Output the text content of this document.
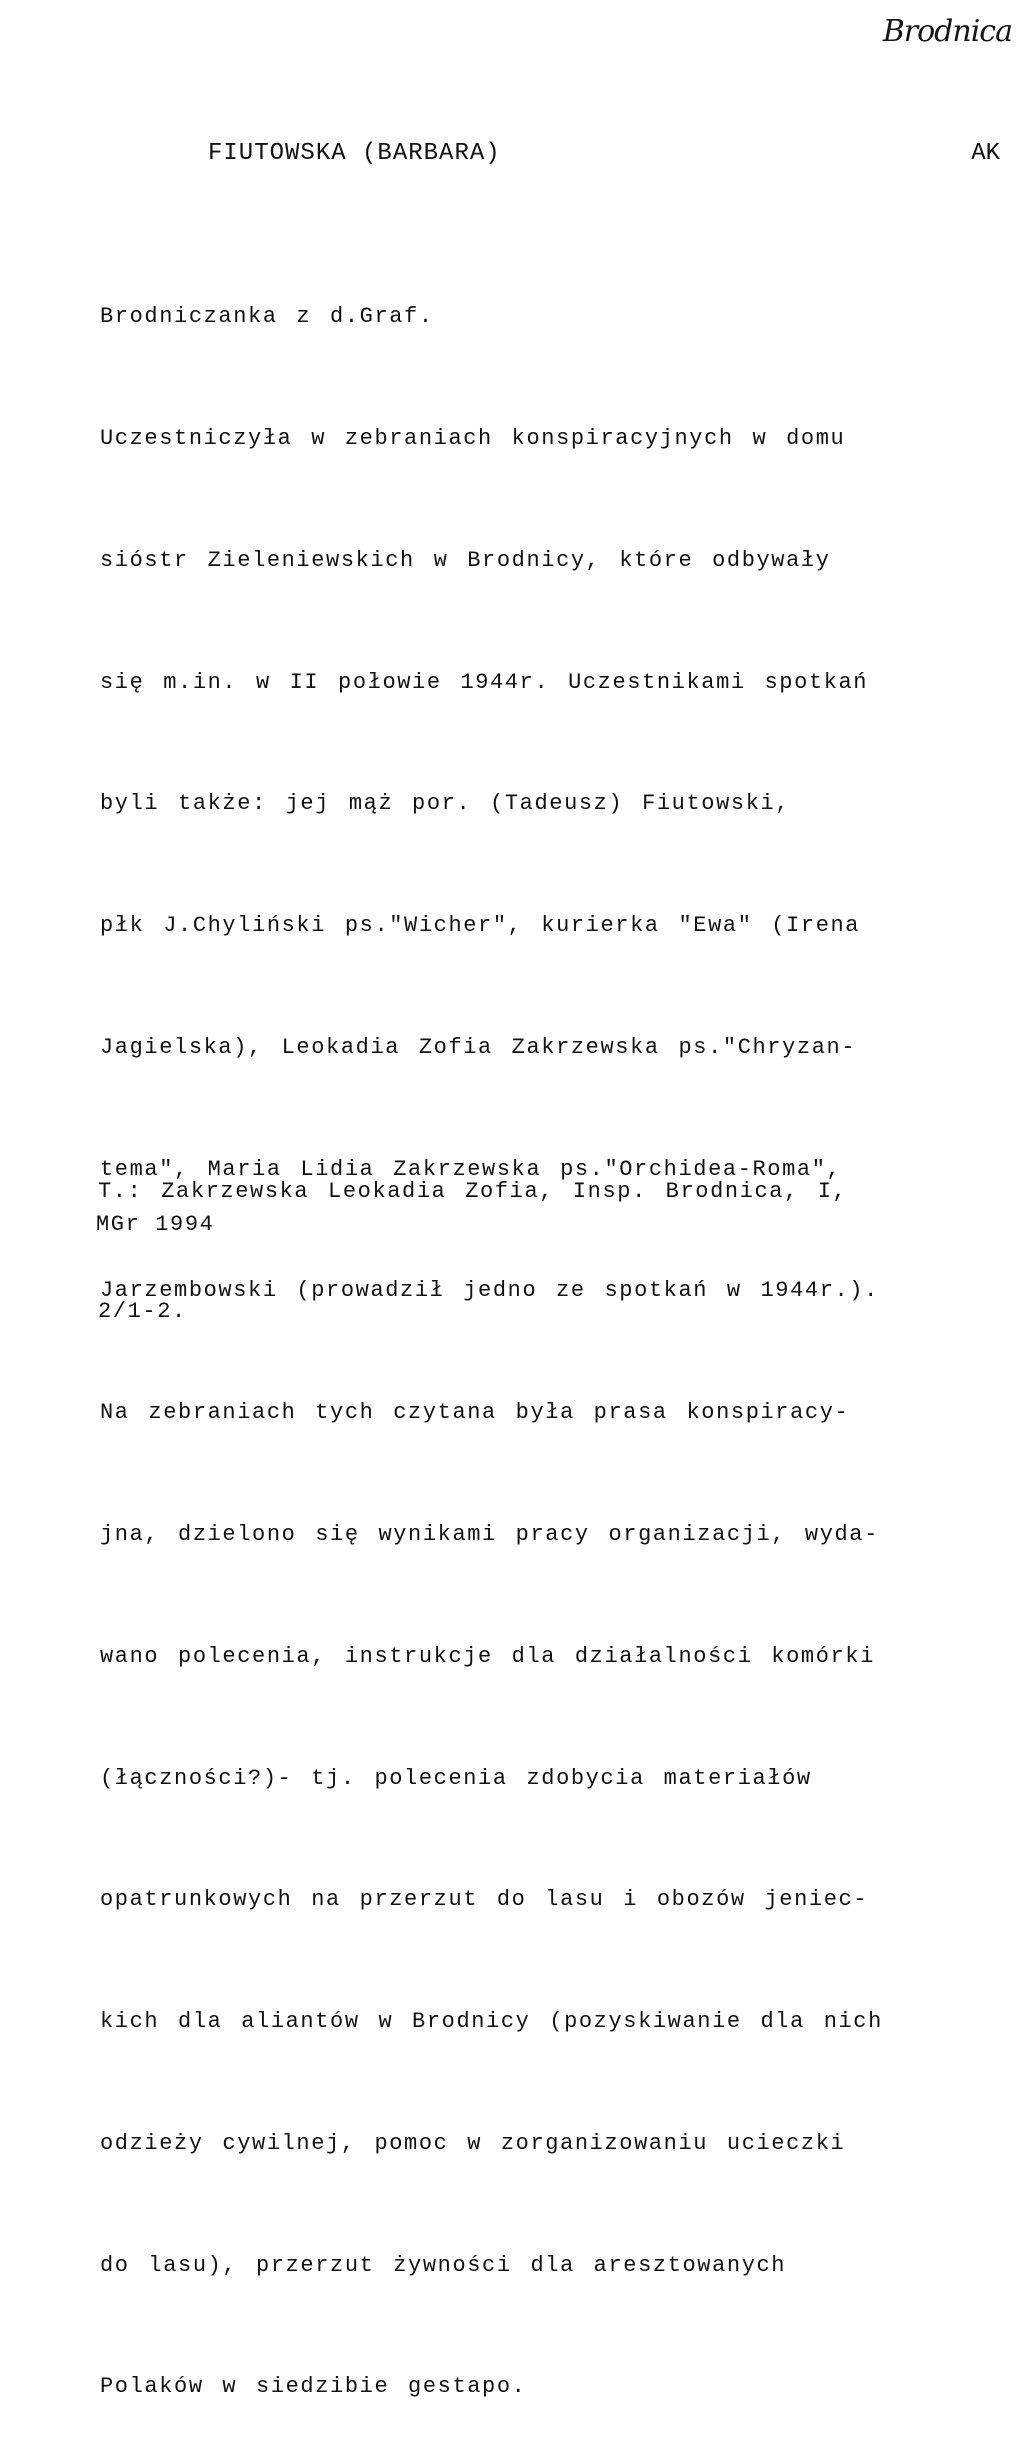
Brodnica
FIUTOWSKA (BARBARA)	AK

Brodniczanka z d.Graf.

Uczestniczyła w zebraniach konspiracyjnych w domu

sióstr Zieleniewskich w Brodnicy, które odbywały

się m.in. w II połowie 1944r. Uczestnikami spotkań

byli także: jej mąż por. (Tadeusz) Fiutowski,

płk J.Chyliński ps."Wicher", kurierka "Ewa" (Irena

Jagielska), Leokadia Zofia Zakrzewska ps."Chryzan-

tema", Maria Lidia Zakrzewska ps."Orchidea-Roma",

Jarzembowski (prowadził jedno ze spotkań w 1944r.).

Na zebraniach tych czytana była prasa konspiracy-

jna, dzielono się wynikami pracy organizacji, wyda-

wano polecenia, instrukcje dla działalności komórki

(łączności?)- tj. polecenia zdobycia materiałów

opatrunkowych na przerzut do lasu i obozów jeniec-

kich dla aliantów w Brodnicy (pozyskiwanie dla nich

odzieży cywilnej, pomoc w zorganizowaniu ucieczki

do lasu), przerzut żywności dla aresztowanych

Polaków w siedzibie gestapo.

T.: Zakrzewska Leokadia Zofia, Insp. Brodnica, I,

2/1-2.

MGr 1994
